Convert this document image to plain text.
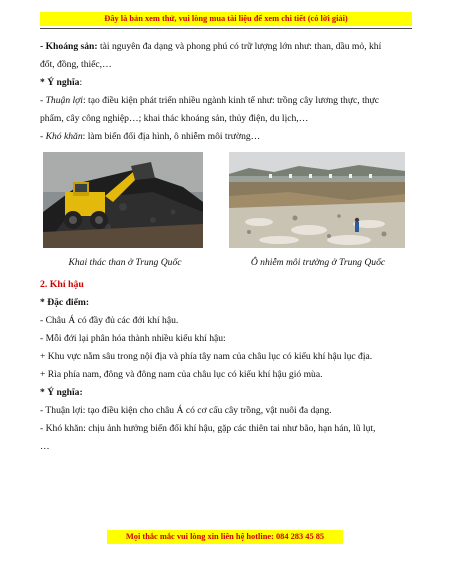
Đây là bản xem thử, vui lòng mua tài liệu để xem chi tiết (có lời giải)

- Khoáng sản: tài nguyên đa dạng và phong phú có trữ lượng lớn như: than, dầu mỏ, khí

đốt, đồng, thiếc,…

* Ý nghĩa:

- Thuận lợi: tạo điều kiện phát triển nhiều ngành kinh tế như: trồng cây lương thực, thực

phẩm, cây công nghiệp…; khai thác khoáng sản, thủy điện, du lịch,…

- Khó khăn: làm biến đổi địa hình, ô nhiễm môi trường…

Khai thác than ở Trung Quốc	Ô nhiễm môi trường ở Trung Quốc

2. Khí hậu

* Đặc điểm:

- Châu Á có đầy đủ các đới khí hậu.

- Mỗi đới lại phân hóa thành nhiều kiểu khí hậu:

+ Khu vực nằm sâu trong nội địa và phía tây nam của châu lục có kiểu khí hậu lục địa.

+ Rìa phía nam, đông và đông nam của châu lục có kiểu khí hậu gió mùa.

* Ý nghĩa:

- Thuận lợi: tạo điều kiện cho châu Á có cơ cấu cây trồng, vật nuôi đa dạng.

- Khó khăn: chịu ảnh hưởng biến đổi khí hậu, gặp các thiên tai như bão, hạn hán, lũ lụt,

…

Mọi thắc mắc vui lòng xin liên hệ hotline: 084 283 45 85
